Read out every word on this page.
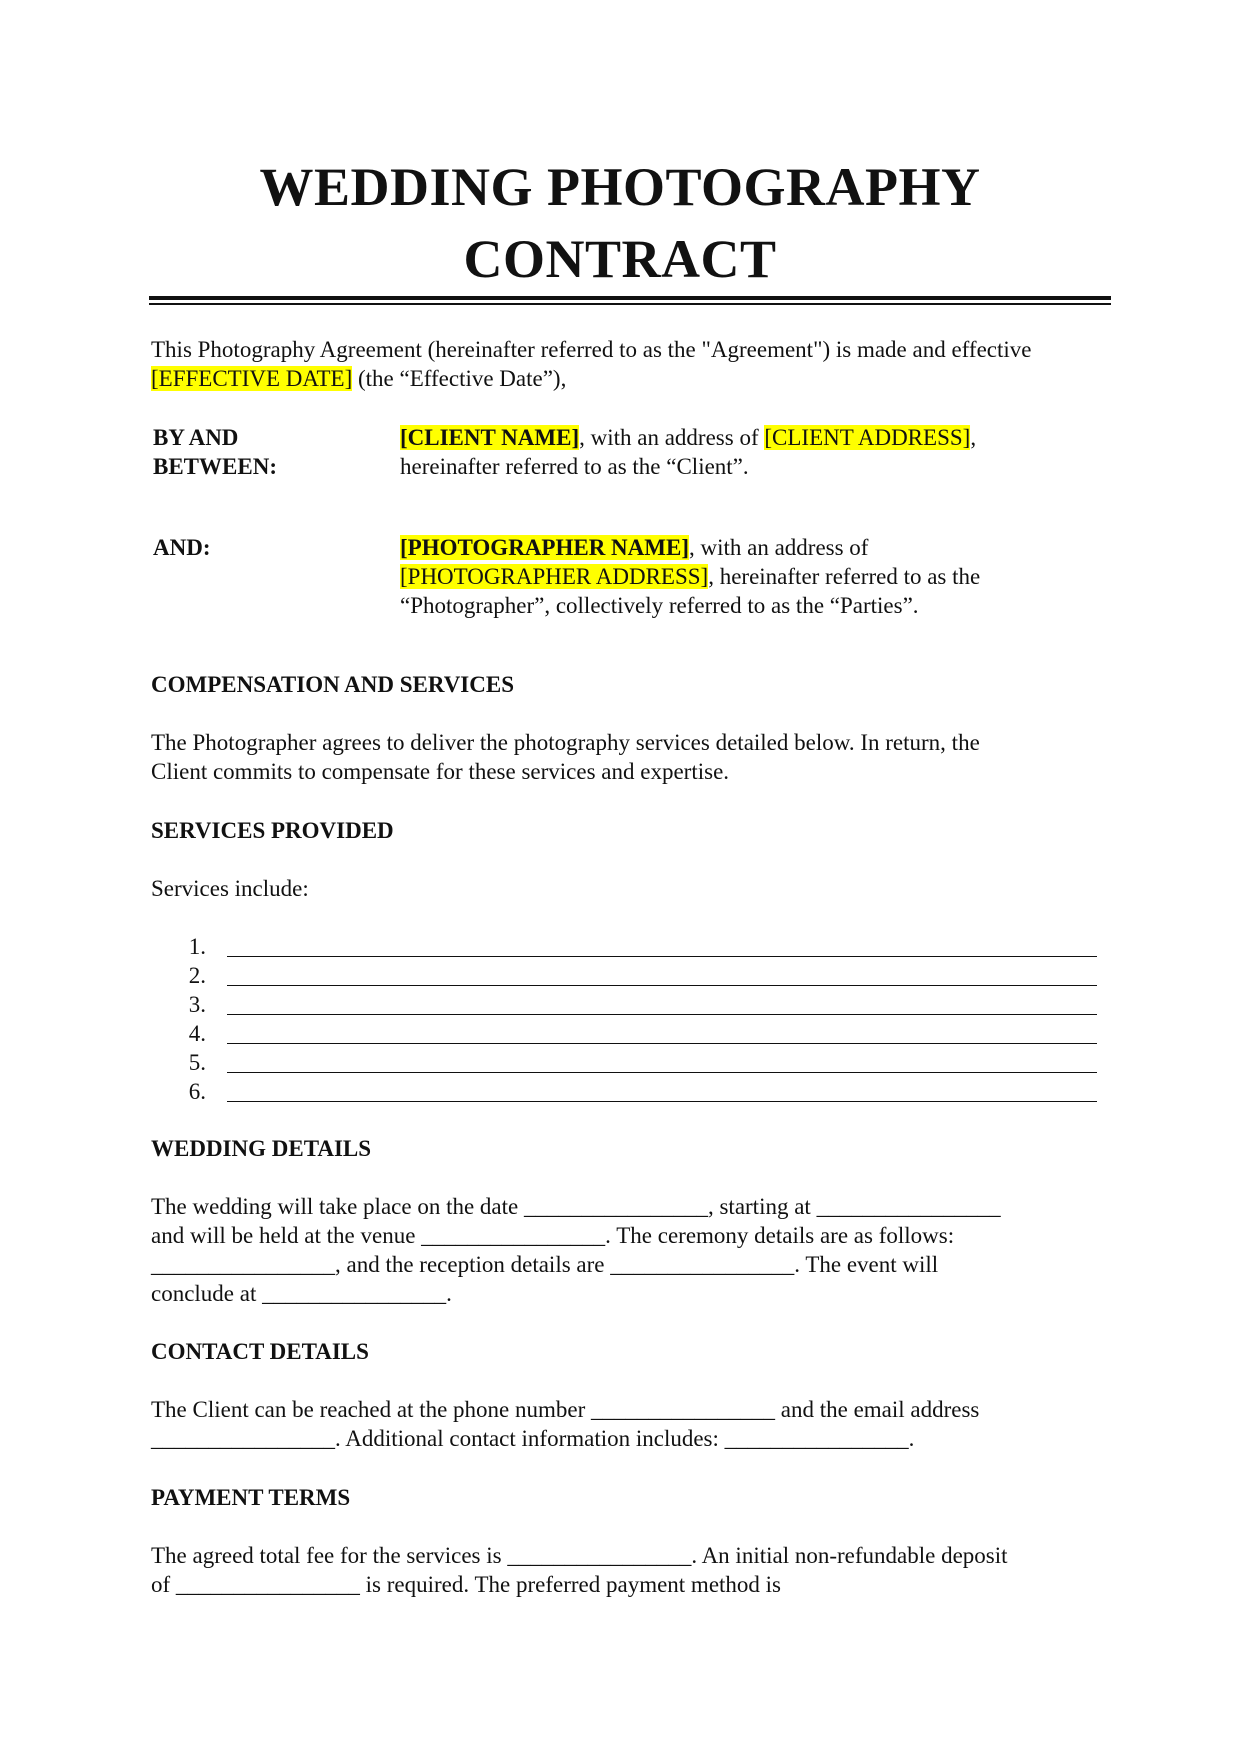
WEDDING PHOTOGRAPHY
CONTRACT

This Photography Agreement (hereinafter referred to as the "Agreement") is made and effective [EFFECTIVE DATE] (the “Effective Date”),

BY AND
BETWEEN:
[CLIENT NAME], with an address of [CLIENT ADDRESS],
hereinafter referred to as the “Client”.
AND:	[PHOTOGRAPHER NAME], with an address of
[PHOTOGRAPHER ADDRESS], hereinafter referred to as the
“Photographer”, collectively referred to as the “Parties”.
COMPENSATION AND SERVICES

The Photographer agrees to deliver the photography services detailed below. In return, the
Client commits to compensate for these services and expertise.

SERVICES PROVIDED

Services include:

1.
2.
3.
4.
5.
6.
WEDDING DETAILS

The wedding will take place on the date ________________, starting at ________________
and will be held at the venue ________________. The ceremony details are as follows:
________________, and the reception details are ________________. The event will
conclude at ________________.

CONTACT DETAILS

The Client can be reached at the phone number ________________ and the email address
________________. Additional contact information includes: ________________.

PAYMENT TERMS

The agreed total fee for the services is ________________. An initial non-refundable deposit
of ________________ is required. The preferred payment method is
